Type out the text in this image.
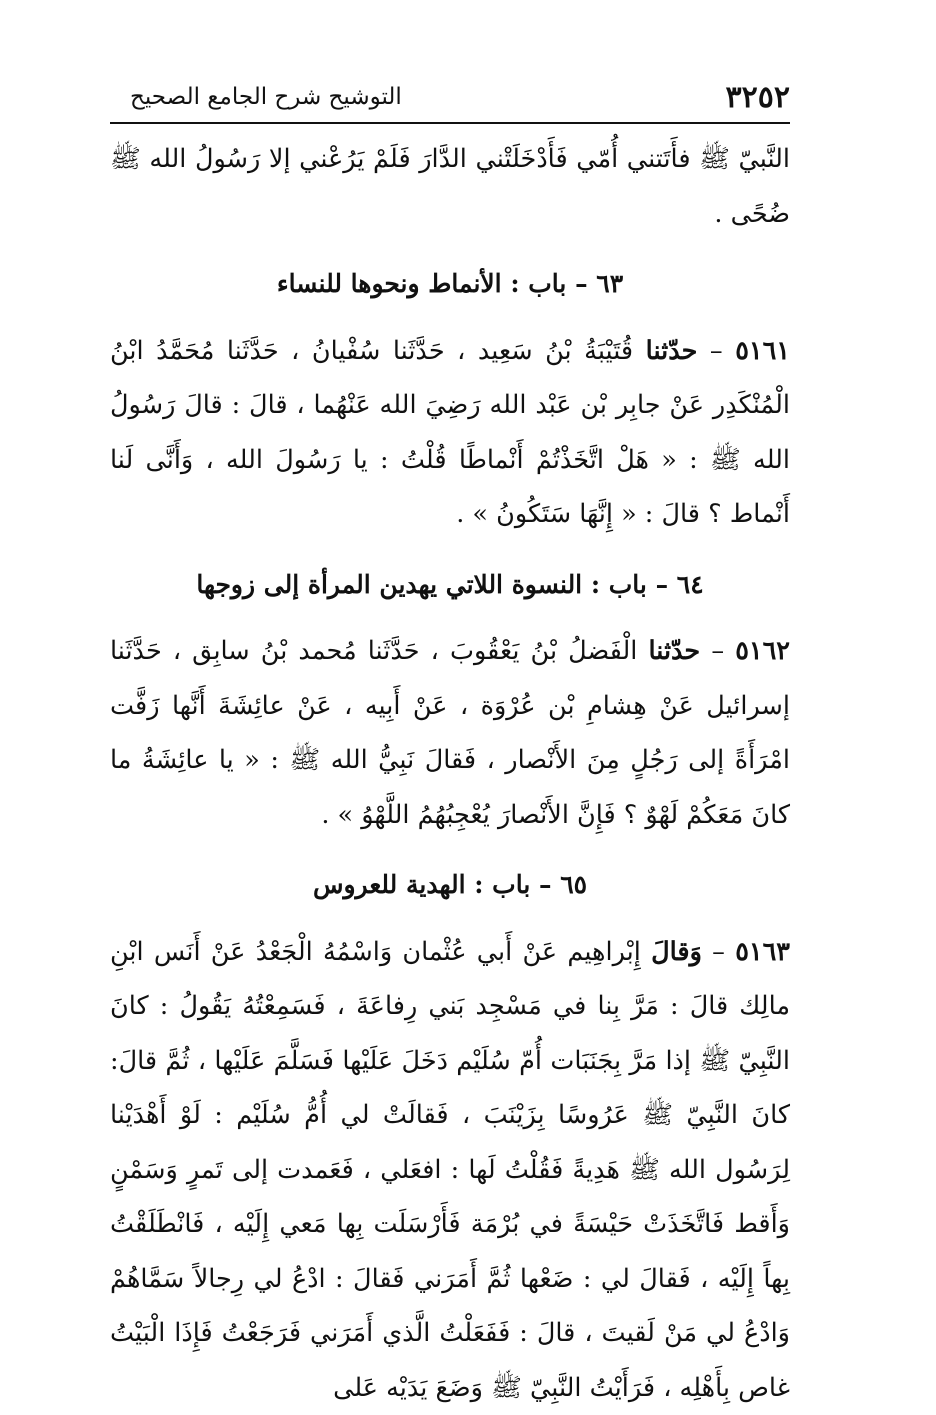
٣٢٥٢
التوشيح شرح الجامع الصحيح

النَّبيّ ﷺ فأَتَتني أُمّي فَأَدْخَلَتْني الدَّارَ فَلَمْ يَرُعْني إلا رَسُولُ الله ﷺ ضُحًى .

٦٣ – باب : الأنماط ونحوها للنساء

٥١٦١ – حدّثنا قُتَيْبَةُ بْنُ سَعِيد ، حَدَّثَنا سُفْيانُ ، حَدَّثَنا مُحَمَّدُ ابْنُ الْمُنْكَدِر عَنْ جابِر بْن عَبْد الله رَضِيَ الله عَنْهُما ، قالَ : قالَ رَسُولُ الله ﷺ : « هَلْ اتَّخَذْتُمْ أَنْماطًا قُلْتُ : يا رَسُولَ الله ، وَأَنَّى لَنا أَنْماط ؟ قالَ : « إِنَّهَا سَتَكُونُ » .

٦٤ – باب : النسوة اللاتي يهدين المرأة إلى زوجها

٥١٦٢ – حدّثنا الْفَضلُ بْنُ يَعْقُوبَ ، حَدَّثَنا مُحمد بْنُ سابِق ، حَدَّثَنا إسرائيل عَنْ هِشامِ بْن عُرْوَة ، عَنْ أَبِيه ، عَنْ عائِشَةَ أَنَّها زَفَّت امْرَأَةً إلى رَجُلٍ مِنَ الأَنْصار ، فَقالَ نَبِيُّ الله ﷺ : « يا عائِشَةُ ما كانَ مَعَكُمْ لَهْوٌ ؟ فَإِنَّ الأَنْصارَ يُعْجِبُهُمُ اللَّهْوُ » .

٦٥ – باب : الهدية للعروس

٥١٦٣ – وَقالَ إِبْراهِيم عَنْ أَبي عُثْمان وَاسْمُهُ الْجَعْدُ عَنْ أَنَس ابْنِ مالِك قالَ : مَرَّ بِنا في مَسْجِد بَني رِفاعَةَ ، فَسَمِعْتُهُ يَقُولُ : كانَ النَّبِيّ ﷺ إذا مَرَّ بِجَنَبَات أُمّ سُلَيْم دَخَلَ عَلَيْها فَسَلَّمَ عَلَيْها ، ثُمَّ قالَ: كانَ النَّبِيّ ﷺ عَرُوسًا بِزَيْنَبَ ، فَقالَتْ لي أُمُّ سُلَيْم : لَوْ أَهْدَيْنا لِرَسُول الله ﷺ هَدِيةً فَقُلْتُ لَها : افعَلي ، فَعَمدت إلى تَمرٍ وَسَمْنٍ وَأَقط فَاتَّخَذَتْ حَيْسَةً في بُرْمَة فَأَرْسَلَت بِها مَعي إِلَيْه ، فَانْطَلَقْتُ بِهاً إِلَيْه ، فَقالَ لي : ضَعْها ثُمَّ أَمَرَني فَقالَ : ادْعُ لي رِجالاً سَمَّاهُمْ وَادْعُ لي مَنْ لَقيتَ ، قالَ : فَفَعَلْتُ الَّذي أَمَرَني فَرَجَعْتُ فَإِذَا الْبَيْتُ غاص بِأَهْلِه ، فَرَأَيْتُ النَّبِيّ ﷺ وَضَعَ يَدَيْه عَلى
